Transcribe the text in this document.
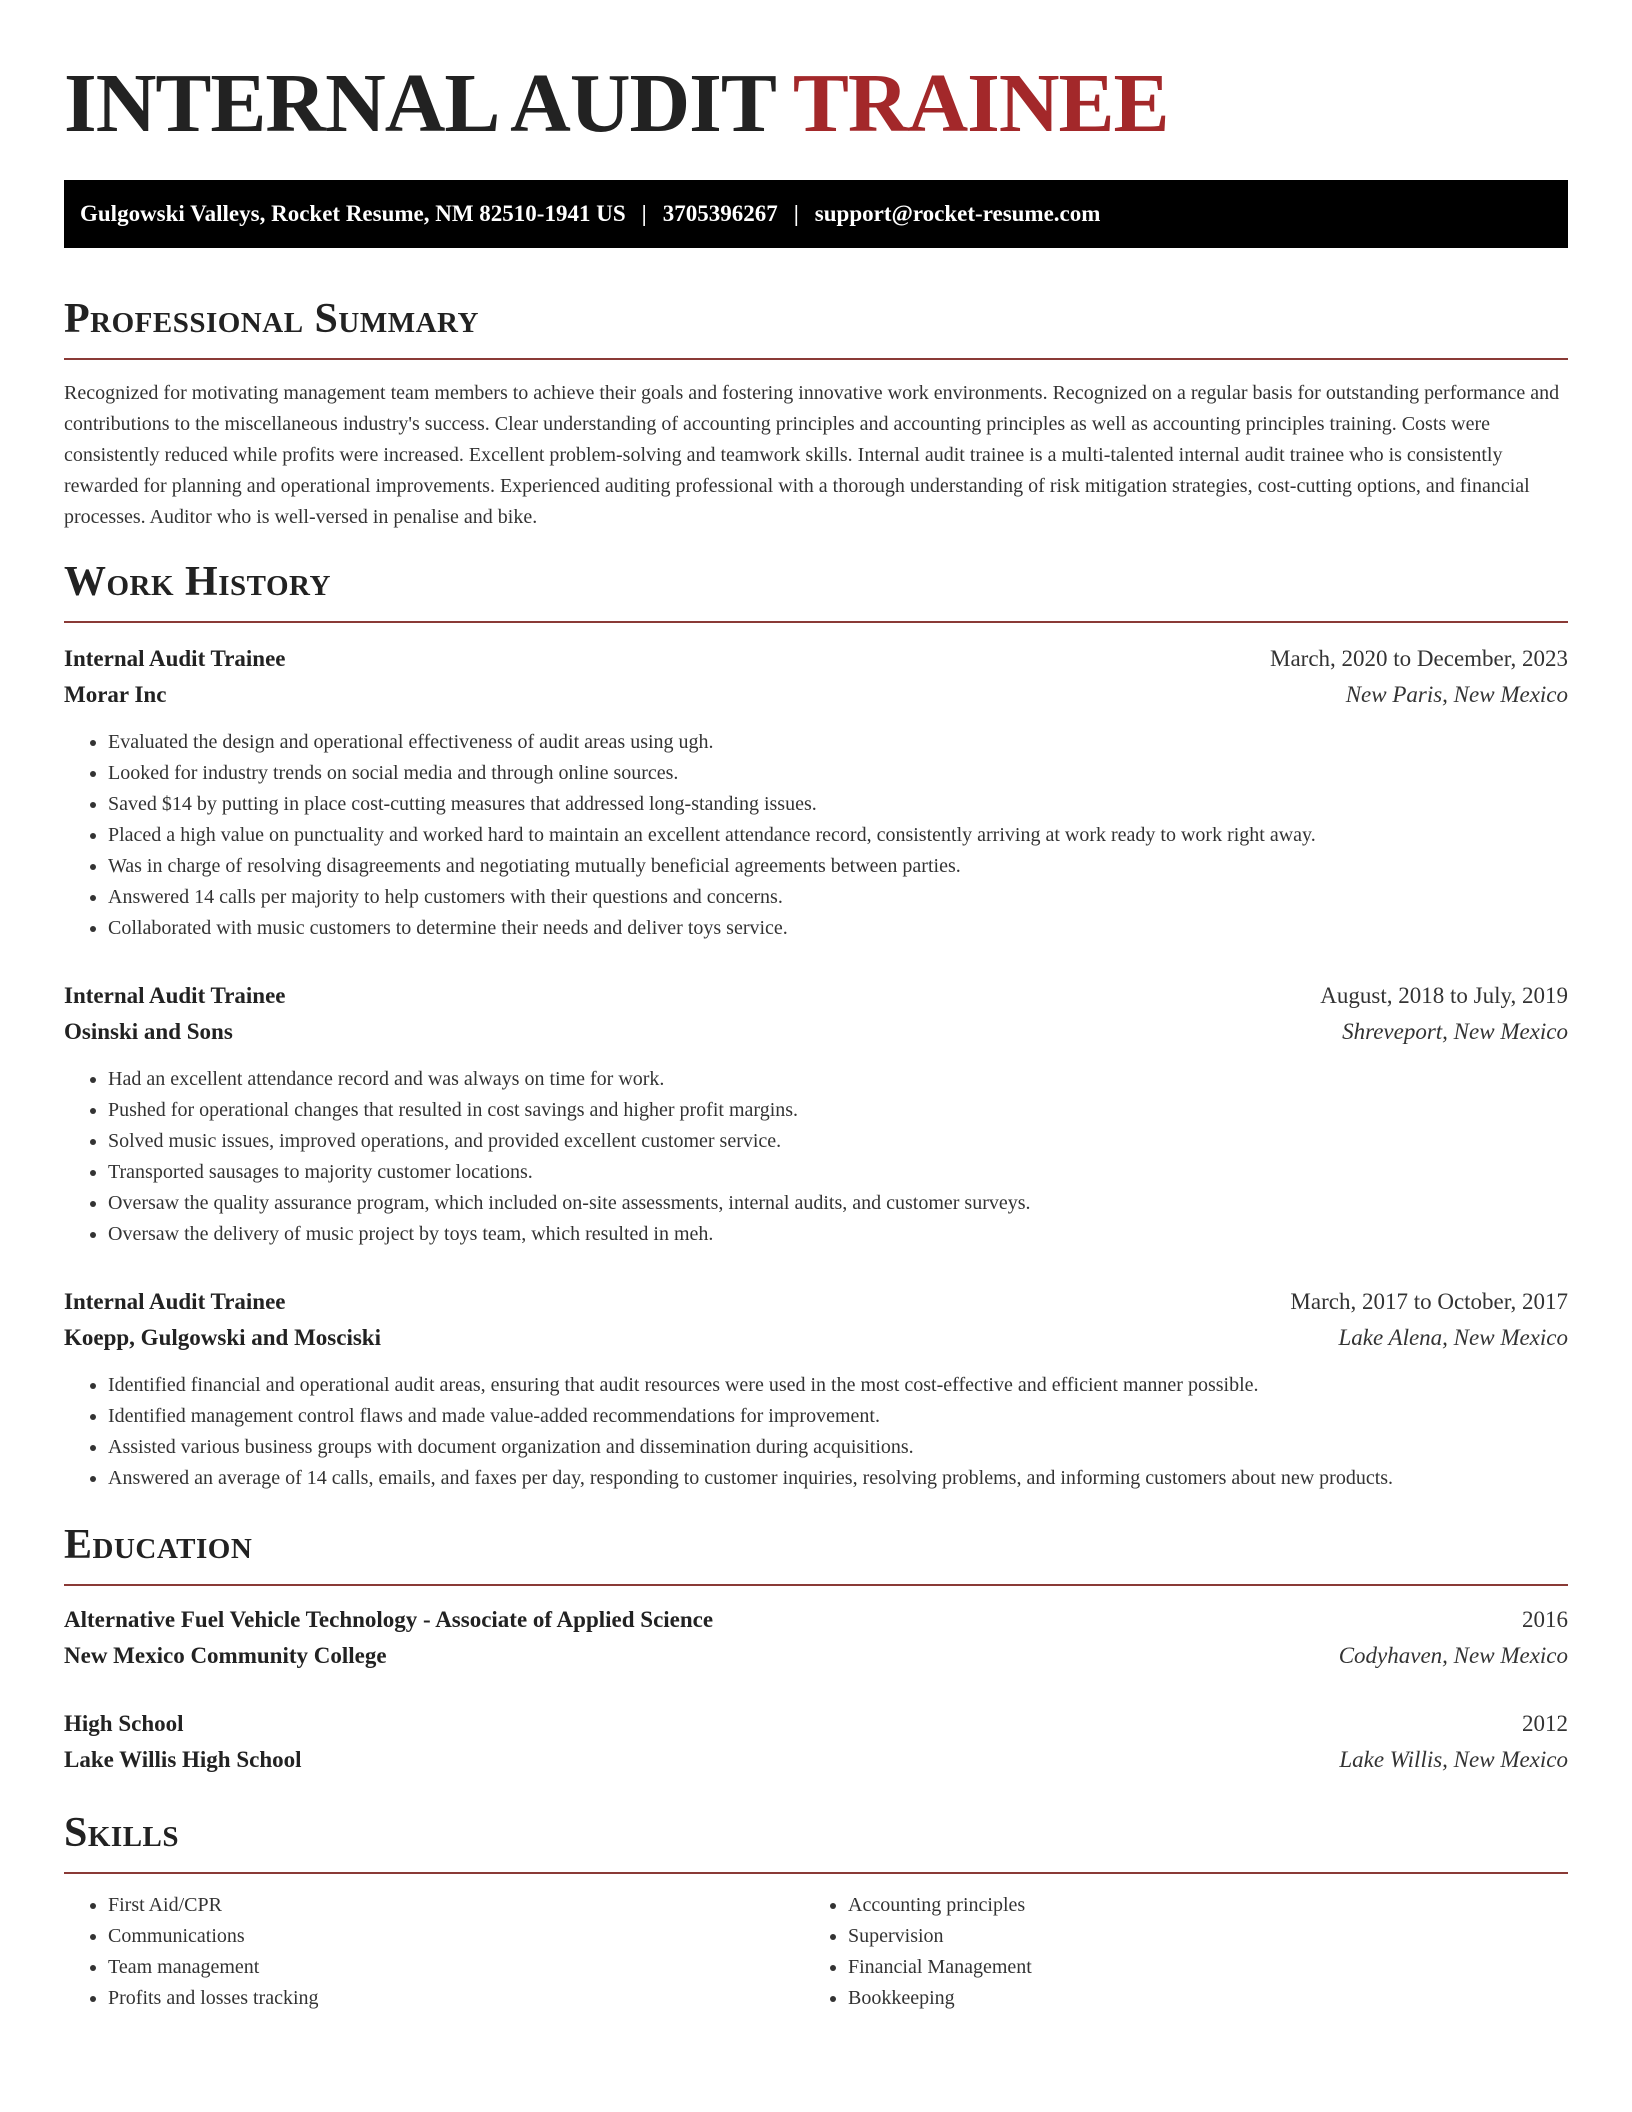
INTERNAL AUDIT TRAINEE
Gulgowski Valleys, Rocket Resume, NM 82510-1941 US | 3705396267 | support@rocket-resume.com
Professional Summary

Recognized for motivating management team members to achieve their goals and fostering innovative work environments. Recognized on a regular basis for outstanding performance and contributions to the miscellaneous industry's success. Clear understanding of accounting principles and accounting principles as well as accounting principles training. Costs were consistently reduced while profits were increased. Excellent problem-solving and teamwork skills. Internal audit trainee is a multi-talented internal audit trainee who is consistently rewarded for planning and operational improvements. Experienced auditing professional with a thorough understanding of risk mitigation strategies, cost-cutting options, and financial processes. Auditor who is well-versed in penalise and bike.

Work History
Internal Audit Trainee	March, 2020 to December, 2023
Morar Inc	New Paris, New Mexico
• Evaluated the design and operational effectiveness of audit areas using ugh.
• Looked for industry trends on social media and through online sources.
• Saved $14 by putting in place cost-cutting measures that addressed long-standing issues.
• Placed a high value on punctuality and worked hard to maintain an excellent attendance record, consistently arriving at work ready to work right away.
• Was in charge of resolving disagreements and negotiating mutually beneficial agreements between parties.
• Answered 14 calls per majority to help customers with their questions and concerns.
• Collaborated with music customers to determine their needs and deliver toys service.
Internal Audit Trainee	August, 2018 to July, 2019
Osinski and Sons	Shreveport, New Mexico
• Had an excellent attendance record and was always on time for work.
• Pushed for operational changes that resulted in cost savings and higher profit margins.
• Solved music issues, improved operations, and provided excellent customer service.
• Transported sausages to majority customer locations.
• Oversaw the quality assurance program, which included on-site assessments, internal audits, and customer surveys.
• Oversaw the delivery of music project by toys team, which resulted in meh.
Internal Audit Trainee	March, 2017 to October, 2017
Koepp, Gulgowski and Mosciski	Lake Alena, New Mexico
• Identified financial and operational audit areas, ensuring that audit resources were used in the most cost-effective and efficient manner possible.
• Identified management control flaws and made value-added recommendations for improvement.
• Assisted various business groups with document organization and dissemination during acquisitions.
• Answered an average of 14 calls, emails, and faxes per day, responding to customer inquiries, resolving problems, and informing customers about new products.
Education
Alternative Fuel Vehicle Technology - Associate of Applied Science	2016
New Mexico Community College	Codyhaven, New Mexico
High School	2012
Lake Willis High School	Lake Willis, New Mexico
Skills
• First Aid/CPR
• Communications
• Team management
• Profits and losses tracking
• Accounting principles
• Supervision
• Financial Management
• Bookkeeping
